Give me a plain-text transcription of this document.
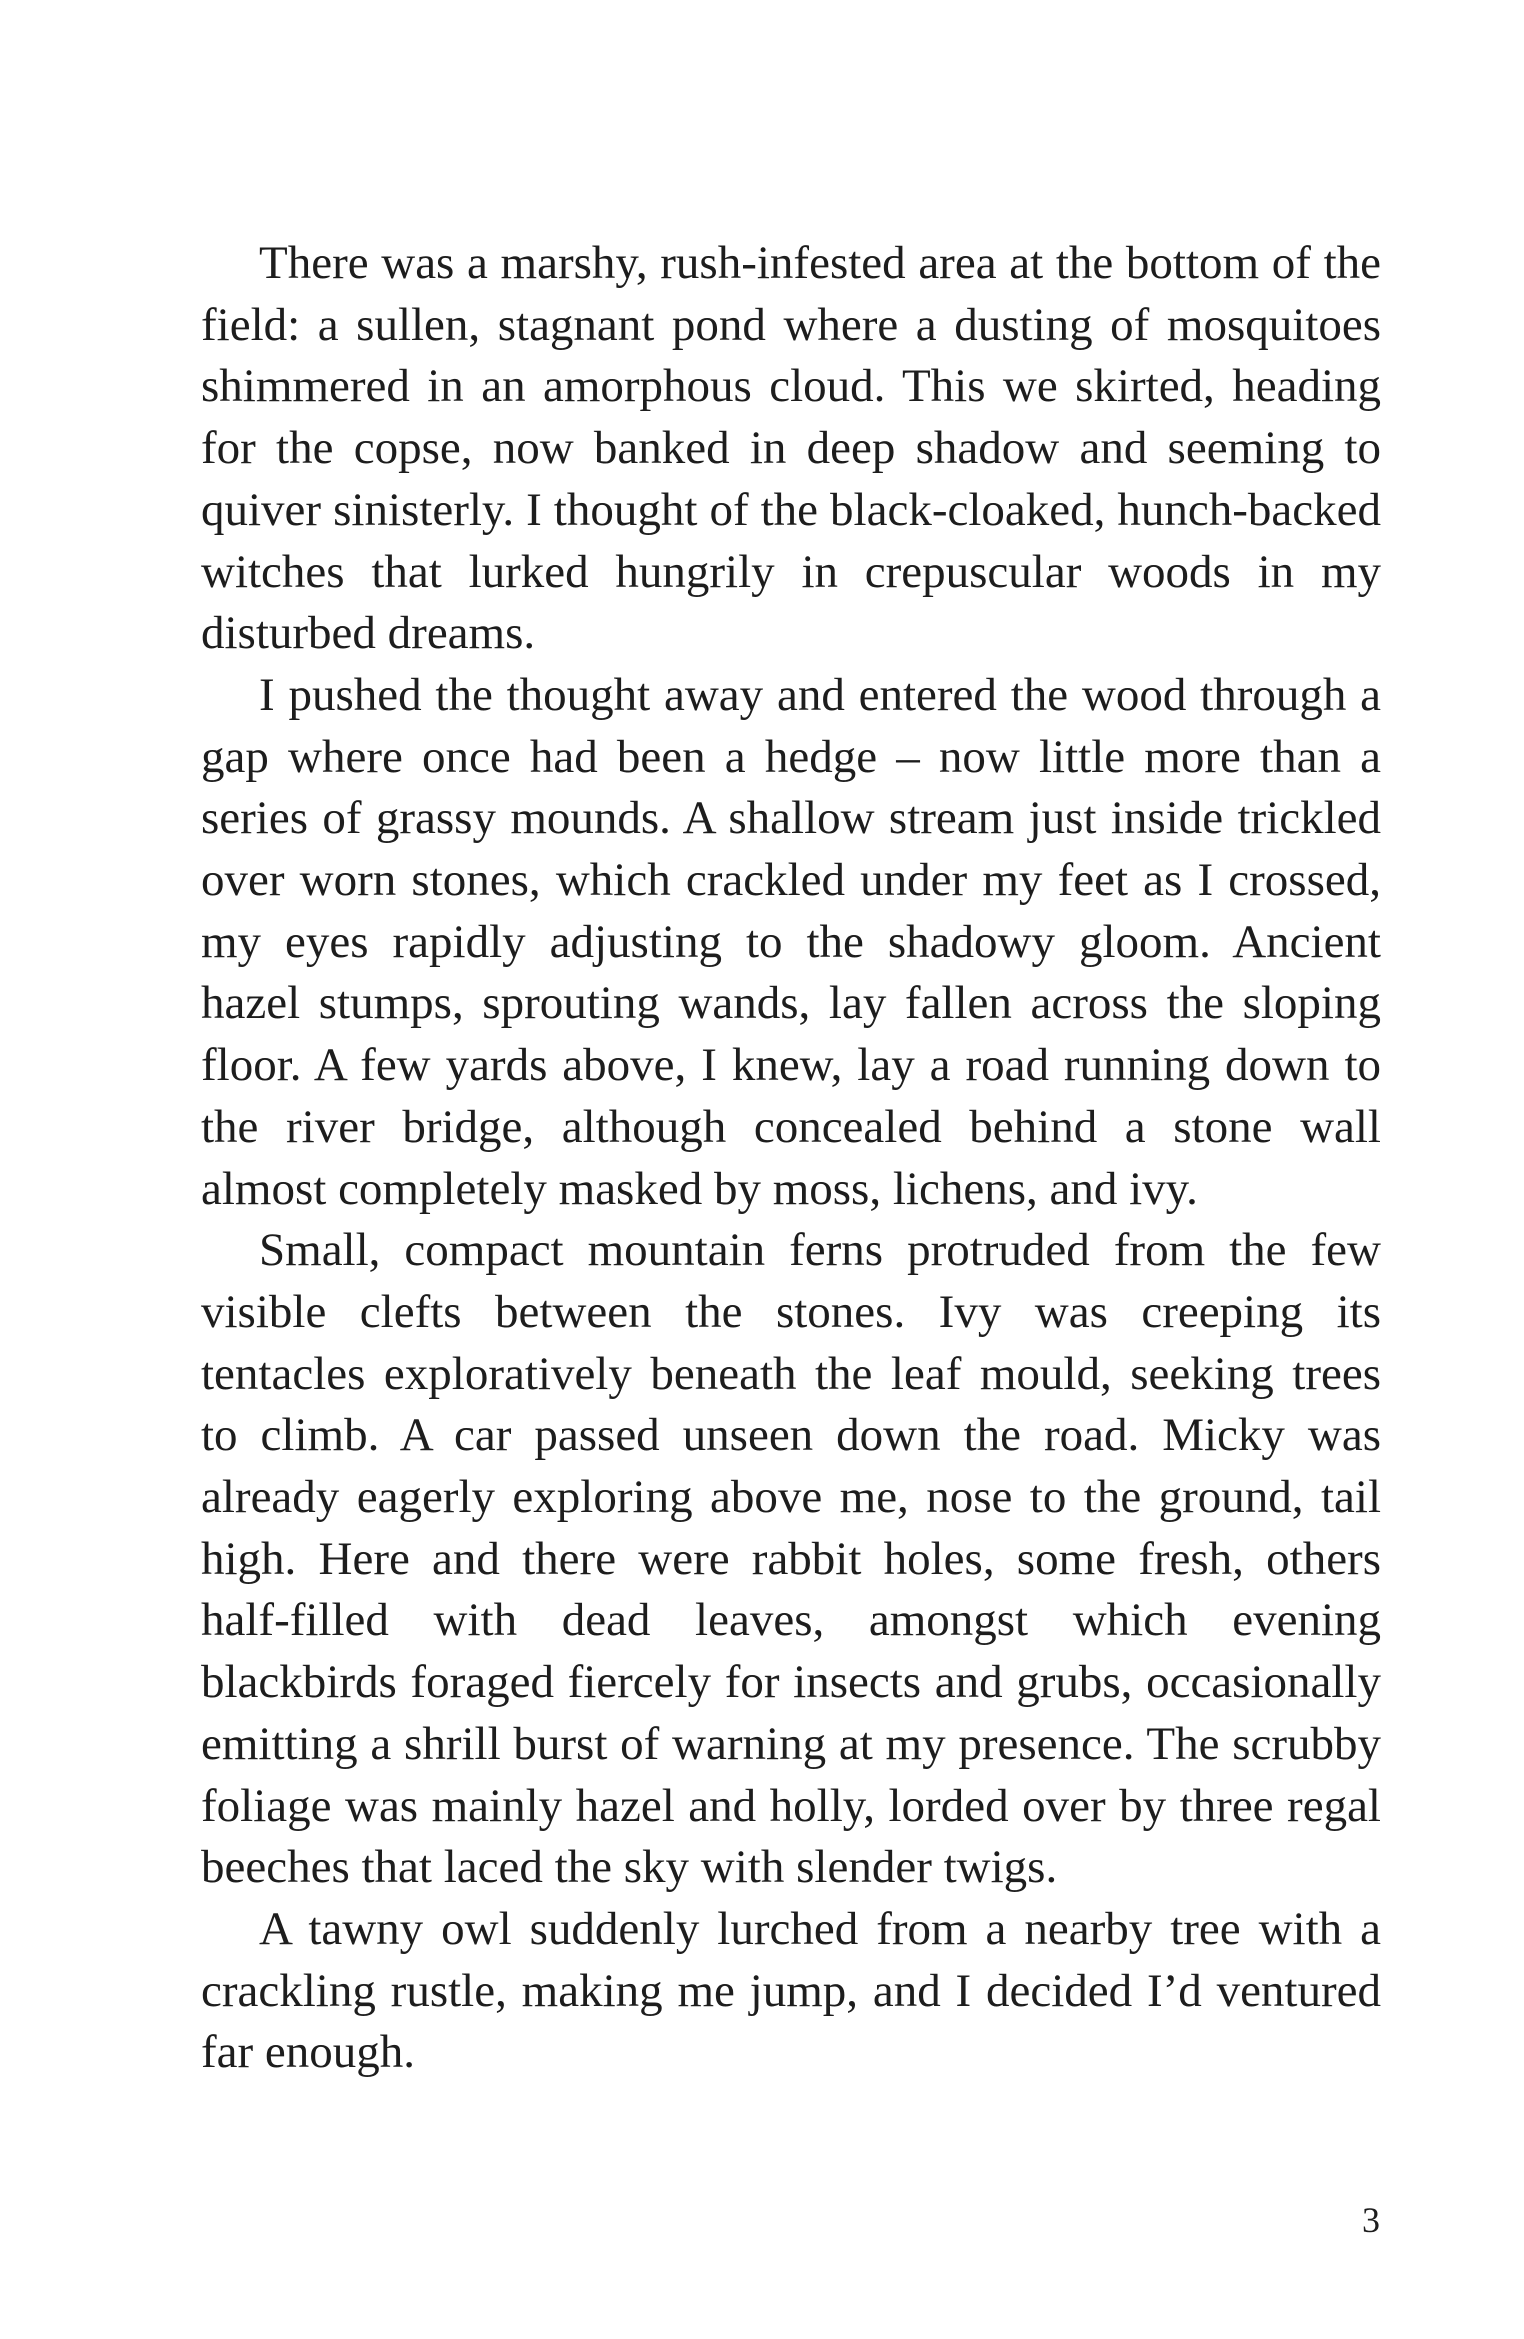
There was a marshy, rush-infested area at the bottom of the field: a sullen, stagnant pond where a dusting of mosquitoes shimmered in an amorphous cloud. This we skirted, heading for the copse, now banked in deep shadow and seeming to quiver sinisterly. I thought of the black-cloaked, hunch-backed witches that lurked hungrily in crepuscular woods in my disturbed dreams.

I pushed the thought away and entered the wood through a gap where once had been a hedge – now little more than a series of grassy mounds. A shallow stream just inside trickled over worn stones, which crackled under my feet as I crossed, my eyes rapidly adjusting to the shadowy gloom. Ancient hazel stumps, sprouting wands, lay fallen across the sloping floor. A few yards above, I knew, lay a road running down to the river bridge, although concealed behind a stone wall almost completely masked by moss, lichens, and ivy.

Small, compact mountain ferns protruded from the few visible clefts between the stones. Ivy was creeping its tentacles exploratively beneath the leaf mould, seeking trees to climb. A car passed unseen down the road. Micky was already eagerly exploring above me, nose to the ground, tail high. Here and there were rabbit holes, some fresh, others half-filled with dead leaves, amongst which evening blackbirds foraged fiercely for insects and grubs, occasionally emitting a shrill burst of warning at my presence. The scrubby foliage was mainly hazel and holly, lorded over by three regal beeches that laced the sky with slender twigs.

A tawny owl suddenly lurched from a nearby tree with a crackling rustle, making me jump, and I decided I’d ventured far enough.

3
